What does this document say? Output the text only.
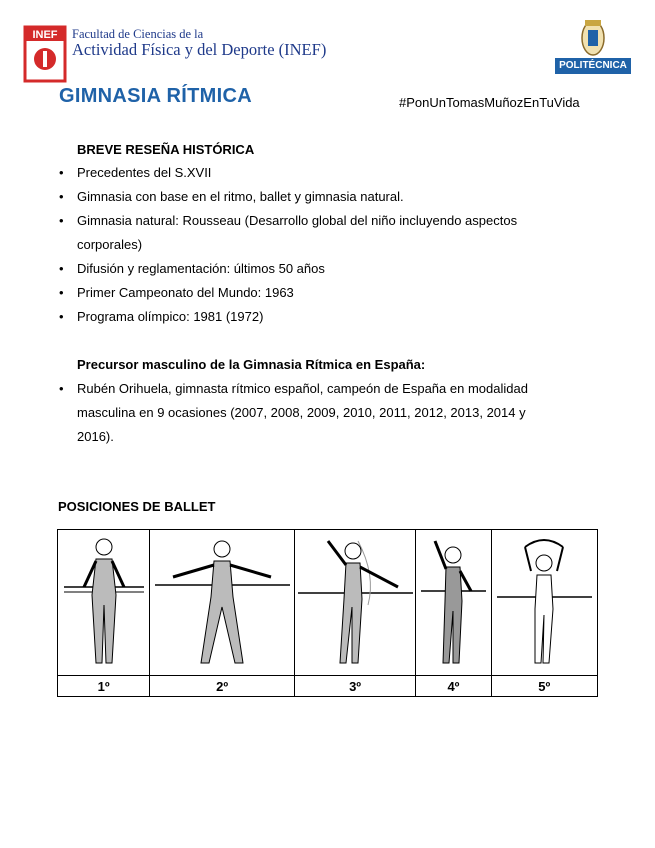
INEF Facultad de Ciencias de la
Actividad Física y del Deporte (INEF)
POLITÉCNICA
GIMNASIA RÍTMICA	#PonUnTomasMuñozEnTuVida
BREVE RESEÑA HISTÓRICA
• Precedentes del S.XVII
• Gimnasia con base en el ritmo, ballet y gimnasia natural.
• Gimnasia natural: Rousseau (Desarrollo global del niño incluyendo aspectos
corporales)
• Difusión y reglamentación: últimos 50 años
• Primer Campeonato del Mundo: 1963
• Programa olímpico: 1981 (1972)
Precursor masculino de la Gimnasia Rítmica en España:
• Rubén Orihuela, gimnasta rítmico español, campeón de España en modalidad
masculina en 9 ocasiones (2007, 2008, 2009, 2010, 2011, 2012, 2013, 2014 y
2016).
POSICIONES DE BALLET

1º	2º	3º	4º	5º
